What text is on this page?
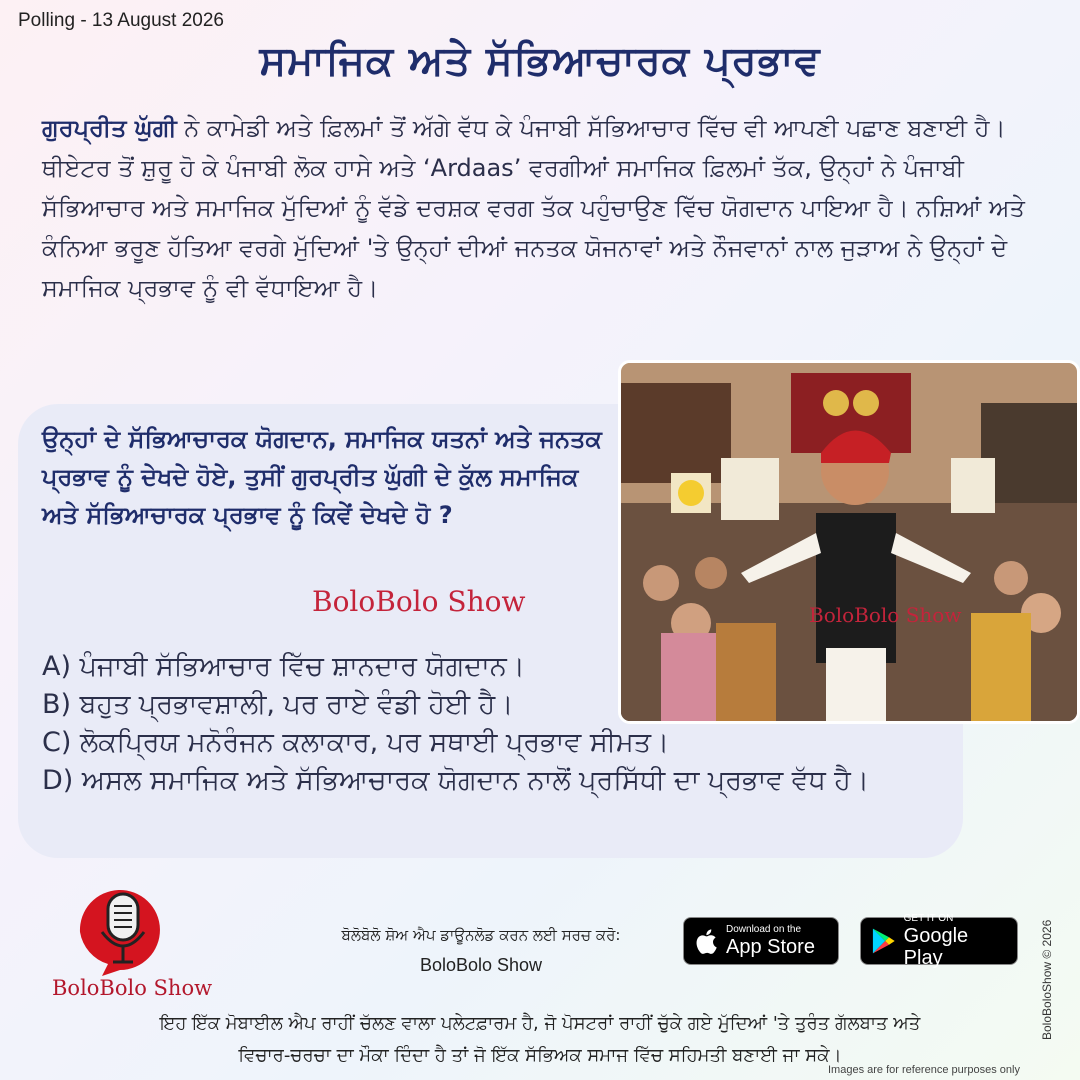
Polling - 13 August 2026
ਸਮਾਜਿਕ ਅਤੇ ਸੱਭਿਆਚਾਰਕ ਪ੍ਰਭਾਵ

ਗੁਰਪ੍ਰੀਤ ਘੁੱਗੀ ਨੇ ਕਾਮੇਡੀ ਅਤੇ ਫ਼ਿਲਮਾਂ ਤੋਂ ਅੱਗੇ ਵੱਧ ਕੇ ਪੰਜਾਬੀ ਸੱਭਿਆਚਾਰ ਵਿੱਚ ਵੀ ਆਪਣੀ ਪਛਾਣ ਬਣਾਈ ਹੈ। ਥੀਏਟਰ ਤੋਂ ਸ਼ੁਰੂ ਹੋ ਕੇ ਪੰਜਾਬੀ ਲੋਕ ਹਾਸੇ ਅਤੇ ‘Ardaas’ ਵਰਗੀਆਂ ਸਮਾਜਿਕ ਫ਼ਿਲਮਾਂ ਤੱਕ, ਉਨ੍ਹਾਂ ਨੇ ਪੰਜਾਬੀ ਸੱਭਿਆਚਾਰ ਅਤੇ ਸਮਾਜਿਕ ਮੁੱਦਿਆਂ ਨੂੰ ਵੱਡੇ ਦਰਸ਼ਕ ਵਰਗ ਤੱਕ ਪਹੁੰਚਾਉਣ ਵਿੱਚ ਯੋਗਦਾਨ ਪਾਇਆ ਹੈ। ਨਸ਼ਿਆਂ ਅਤੇ ਕੰਨਿਆ ਭਰੂਣ ਹੱਤਿਆ ਵਰਗੇ ਮੁੱਦਿਆਂ 'ਤੇ ਉਨ੍ਹਾਂ ਦੀਆਂ ਜਨਤਕ ਯੋਜਨਾਵਾਂ ਅਤੇ ਨੌਜਵਾਨਾਂ ਨਾਲ ਜੁੜਾਅ ਨੇ ਉਨ੍ਹਾਂ ਦੇ ਸਮਾਜਿਕ ਪ੍ਰਭਾਵ ਨੂੰ ਵੀ ਵੱਧਾਇਆ ਹੈ।

ਉਨ੍ਹਾਂ ਦੇ ਸੱਭਿਆਚਾਰਕ ਯੋਗਦਾਨ, ਸਮਾਜਿਕ ਯਤਨਾਂ ਅਤੇ ਜਨਤਕ ਪ੍ਰਭਾਵ ਨੂੰ ਦੇਖਦੇ ਹੋਏ, ਤੁਸੀਂ ਗੁਰਪ੍ਰੀਤ ਘੁੱਗੀ ਦੇ ਕੁੱਲ ਸਮਾਜਿਕ ਅਤੇ ਸੱਭਿਆਚਾਰਕ ਪ੍ਰਭਾਵ ਨੂੰ ਕਿਵੇਂ ਦੇਖਦੇ ਹੋ ?

BoloBolo Show
A) ਪੰਜਾਬੀ ਸੱਭਿਆਚਾਰ ਵਿੱਚ ਸ਼ਾਨਦਾਰ ਯੋਗਦਾਨ।
B) ਬਹੁਤ ਪ੍ਰਭਾਵਸ਼ਾਲੀ, ਪਰ ਰਾਏ ਵੰਡੀ ਹੋਈ ਹੈ।
C) ਲੋਕਪ੍ਰਿਯ ਮਨੋਰੰਜਨ ਕਲਾਕਾਰ, ਪਰ ਸਥਾਈ ਪ੍ਰਭਾਵ ਸੀਮਤ।
D) ਅਸਲ ਸਮਾਜਿਕ ਅਤੇ ਸੱਭਿਆਚਾਰਕ ਯੋਗਦਾਨ ਨਾਲੋਂ ਪ੍ਰਸਿੱਧੀ ਦਾ ਪ੍ਰਭਾਵ ਵੱਧ ਹੈ।
BoloBolo Show
BoloBolo Show
ਬੋਲੋਬੋਲੋ ਸ਼ੋਅ ਐਪ ਡਾਊਨਲੋਡ ਕਰਨ ਲਈ ਸਰਚ ਕਰੋ:
BoloBolo Show
Download on the
App Store
GET IT ON
Google Play
ਇਹ ਇੱਕ ਮੋਬਾਈਲ ਐਪ ਰਾਹੀਂ ਚੱਲਣ ਵਾਲਾ ਪਲੇਟਫ਼ਾਰਮ ਹੈ, ਜੋ ਪੋਸਟਰਾਂ ਰਾਹੀਂ ਚੁੱਕੇ ਗਏ ਮੁੱਦਿਆਂ 'ਤੇ ਤੁਰੰਤ ਗੱਲਬਾਤ ਅਤੇ
ਵਿਚਾਰ-ਚਰਚਾ ਦਾ ਮੌਕਾ ਦਿੰਦਾ ਹੈ ਤਾਂ ਜੋ ਇੱਕ ਸੱਭਿਅਕ ਸਮਾਜ ਵਿੱਚ ਸਹਿਮਤੀ ਬਣਾਈ ਜਾ ਸਕੇ।
BoloBoloShow © 2026
Images are for reference purposes only
